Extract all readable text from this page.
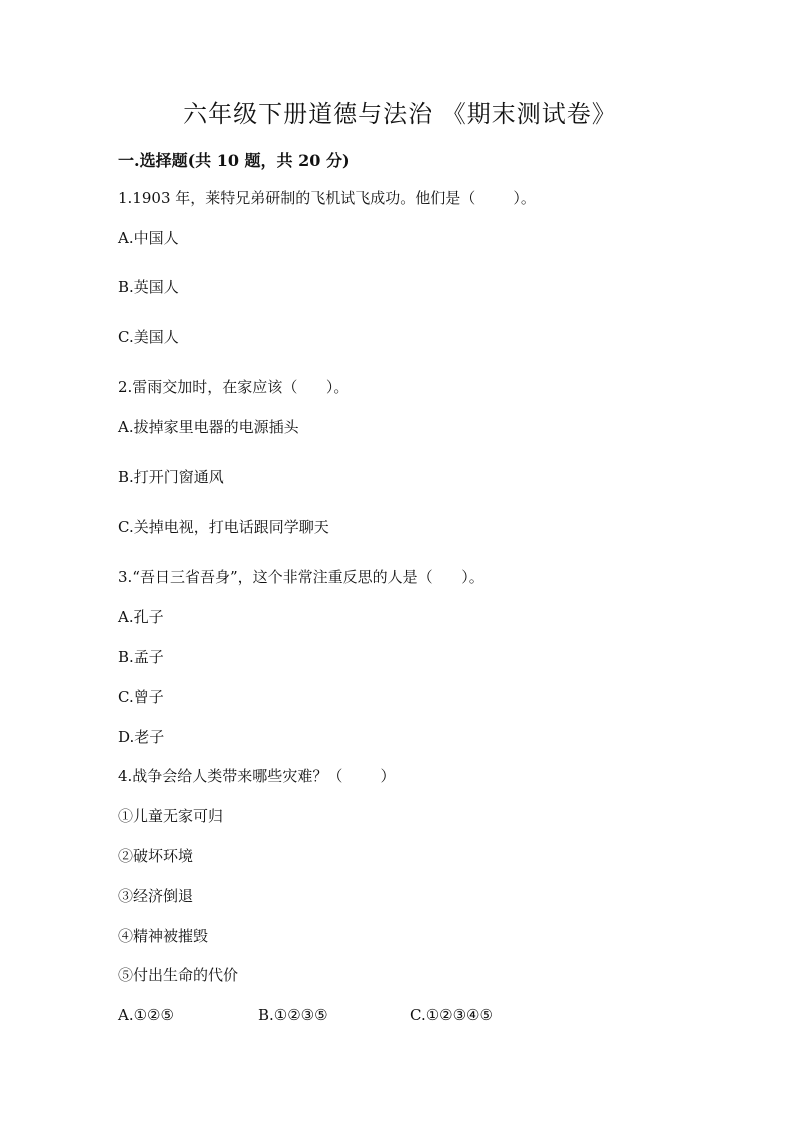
六年级下册道德与法治 《期末测试卷》
一.选择题(共 10 题，共 20 分)

1.1903 年，莱特兄弟研制的飞机试飞成功。他们是（        ）。

A.中国人

B.英国人

C.美国人

2.雷雨交加时，在家应该（      ）。

A.拔掉家里电器的电源插头

B.打开门窗通风

C.关掉电视，打电话跟同学聊天

3.“吾日三省吾身”，这个非常注重反思的人是（      ）。

A.孔子

B.孟子

C.曾子

D.老子

4.战争会给人类带来哪些灾难？（        ）

①儿童无家可归

②破坏环境

③经济倒退

④精神被摧毁

⑤付出生命的代价

A.①②⑤	B.①②③⑤	C.①②③④⑤
